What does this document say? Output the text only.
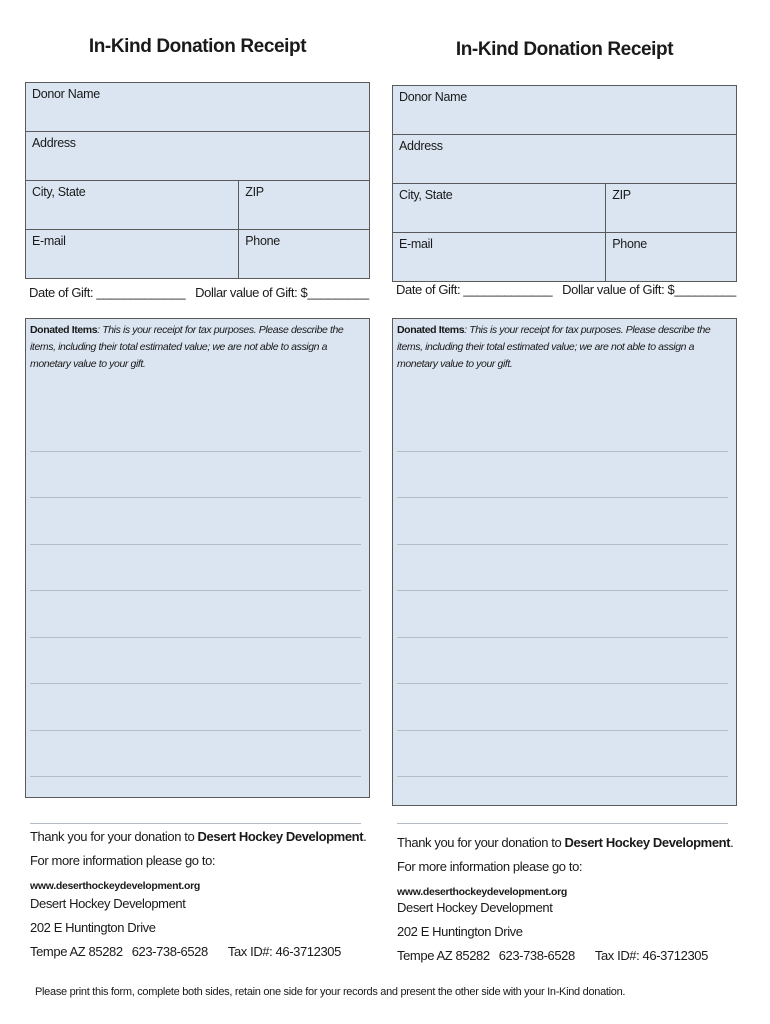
In-Kind Donation Receipt
Donor Name	
Address	
City, State	ZIP
E-mail	Phone
Date of Gift: _____________ Dollar value of Gift: $_________
Donated Items: This is your receipt for tax purposes. Please describe the items, including their total estimated value; we are not able to assign a monetary value to your gift.
Thank you for your donation to Desert Hockey Development.
For more information please go to: www.deserthockeydevelopment.org
Desert Hockey Development
202 E Huntington Drive
Tempe AZ 85282 623-738-6528 Tax ID#: 46-3712305
In-Kind Donation Receipt
Donor Name	
Address	
City, State	ZIP
E-mail	Phone
Date of Gift: _____________ Dollar value of Gift: $_________
Donated Items: This is your receipt for tax purposes. Please describe the items, including their total estimated value; we are not able to assign a monetary value to your gift.
Thank you for your donation to Desert Hockey Development.
For more information please go to: www.deserthockeydevelopment.org
Desert Hockey Development
202 E Huntington Drive
Tempe AZ 85282 623-738-6528 Tax ID#: 46-3712305
Please print this form, complete both sides, retain one side for your records and present the other side with your In-Kind donation.
